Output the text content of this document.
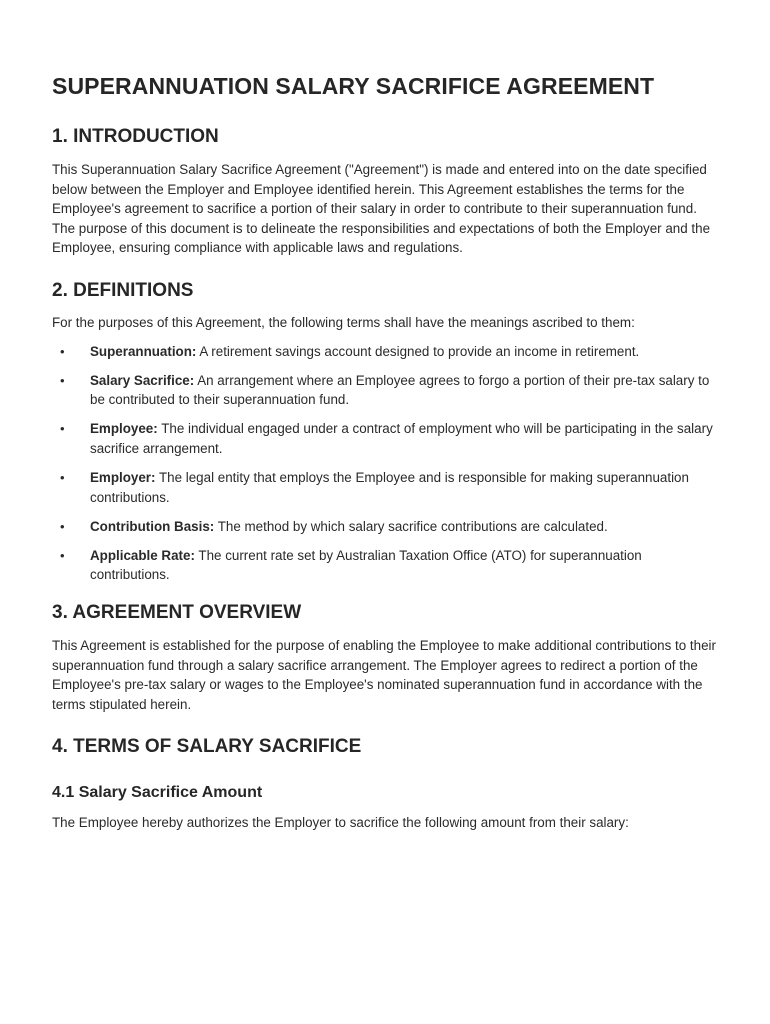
SUPERANNUATION SALARY SACRIFICE AGREEMENT
1. INTRODUCTION

This Superannuation Salary Sacrifice Agreement ("Agreement") is made and entered into on the date specified below between the Employer and Employee identified herein. This Agreement establishes the terms for the Employee's agreement to sacrifice a portion of their salary in order to contribute to their superannuation fund. The purpose of this document is to delineate the responsibilities and expectations of both the Employer and the Employee, ensuring compliance with applicable laws and regulations.

2. DEFINITIONS

For the purposes of this Agreement, the following terms shall have the meanings ascribed to them:

• Superannuation: A retirement savings account designed to provide an income in retirement.
• Salary Sacrifice: An arrangement where an Employee agrees to forgo a portion of their pre-tax salary to be contributed to their superannuation fund.
• Employee: The individual engaged under a contract of employment who will be participating in the salary sacrifice arrangement.
• Employer: The legal entity that employs the Employee and is responsible for making superannuation contributions.
• Contribution Basis: The method by which salary sacrifice contributions are calculated.
• Applicable Rate: The current rate set by Australian Taxation Office (ATO) for superannuation contributions.
3. AGREEMENT OVERVIEW

This Agreement is established for the purpose of enabling the Employee to make additional contributions to their superannuation fund through a salary sacrifice arrangement. The Employer agrees to redirect a portion of the Employee's pre-tax salary or wages to the Employee's nominated superannuation fund in accordance with the terms stipulated herein.

4. TERMS OF SALARY SACRIFICE
4.1 Salary Sacrifice Amount

The Employee hereby authorizes the Employer to sacrifice the following amount from their salary:
